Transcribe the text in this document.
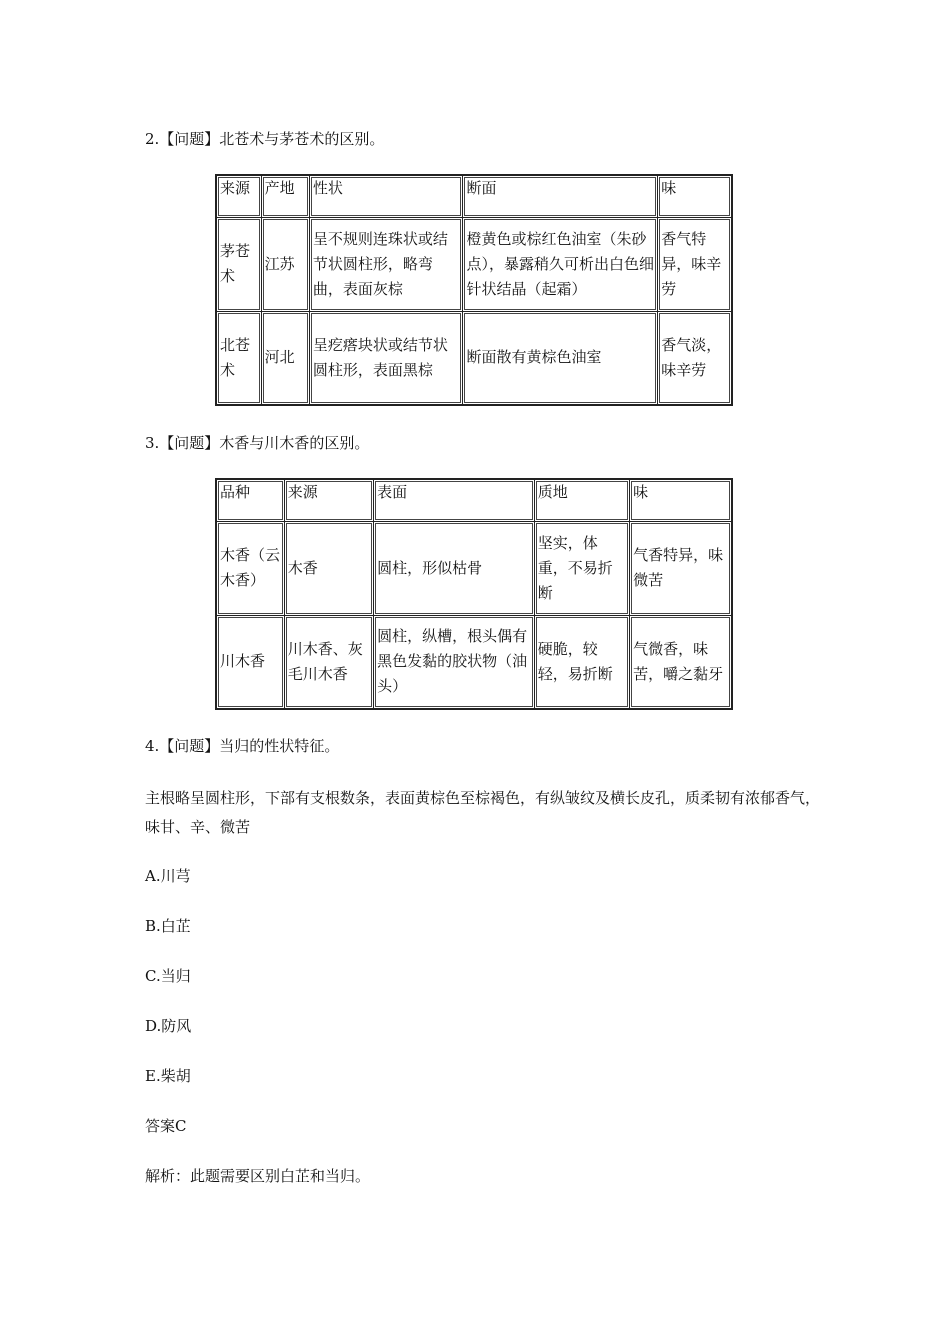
2.【问题】北苍术与茅苍术的区别。
来源	产地	性状	断面	味
茅苍术	江苏	呈不规则连珠状或结节状圆柱形，略弯曲，表面灰棕	橙黄色或棕红色油室（朱砂点），暴露稍久可析出白色细针状结晶（起霜）	香气特异，味辛劳
北苍术	河北	呈疙瘩块状或结节状圆柱形，表面黑棕	断面散有黄棕色油室	香气淡，味辛劳
3.【问题】木香与川木香的区别。
品种	来源	表面	质地	味
木香（云木香）	木香	圆柱，形似枯骨	坚实，体重，不易折断	气香特异，味微苦
川木香	川木香、灰毛川木香	圆柱，纵槽，根头偶有黑色发黏的胶状物（油头）	硬脆，较轻，易折断	气微香，味苦，嚼之黏牙
4.【问题】当归的性状特征。
主根略呈圆柱形，下部有支根数条，表面黄棕色至棕褐色，有纵皱纹及横长皮孔，质柔韧有浓郁香气，味甘、辛、微苦
A.川芎
B.白芷
C.当归
D.防风
E.柴胡
答案C
解析：此题需要区别白芷和当归。
